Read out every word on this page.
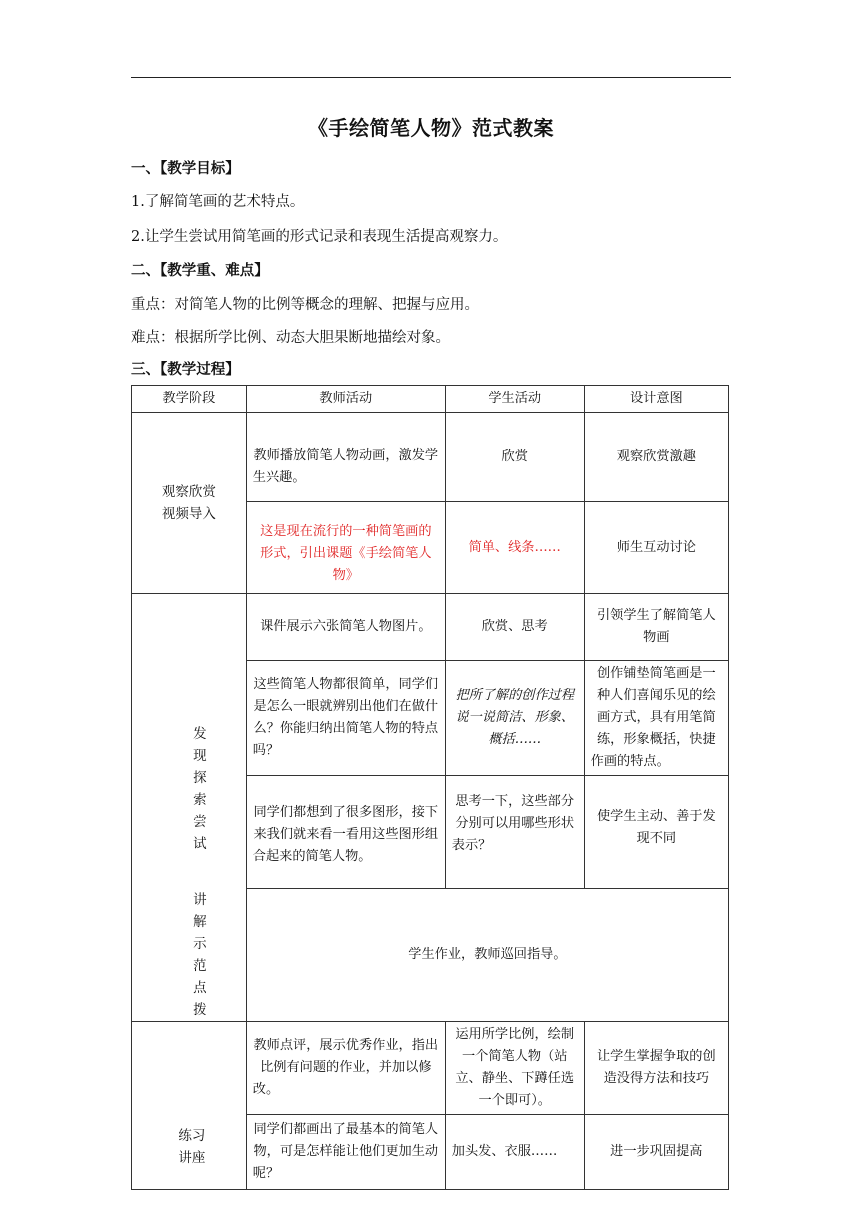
《手绘简笔人物》范式教案
一、【教学目标】
1.了解简笔画的艺术特点。
2.让学生尝试用简笔画的形式记录和表现生活提高观察力。
二、【教学重、难点】
重点：对简笔人物的比例等概念的理解、把握与应用。
难点：根据所学比例、动态大胆果断地描绘对象。
三、【教学过程】
教学阶段	教师活动	学生活动	设计意图
观察欣赏视频导入	教师播放简笔人物动画，激发学生兴趣。	欣赏	观察欣赏激趣
	这是现在流行的一种简笔画的形式，引出课题《手绘简笔人物》	简单、线条……	师生互动讨论
发现探索尝试	课件展示六张简笔人物图片。	欣赏、思考	引领学生了解简笔人物画
	这些简笔人物都很简单，同学们是怎么一眼就辨别出他们在做什么？你能归纳出简笔人物的特点吗？	把所了解的创作过程说一说简洁、形象、概括……	创作铺垫简笔画是一种人们喜闻乐见的绘画方式，具有用笔简练，形象概括，快捷作画的特点。
	同学们都想到了很多图形，接下来我们就来看一看用这些图形组合起来的简笔人物。	思考一下，这些部分分别可以用哪些形状表示？	使学生主动、善于发现不同
讲解示范点拨	学生作业，教师巡回指导。		
练习讲座	教师点评，展示优秀作业，指出比例有问题的作业，并加以修改。	运用所学比例，绘制一个简笔人物（站立、静坐、下蹲任选一个即可）。	让学生掌握争取的创造没得方法和技巧
	同学们都画出了最基本的简笔人物，可是怎样能让他们更加生动呢？	加头发、衣服……	进一步巩固提高
